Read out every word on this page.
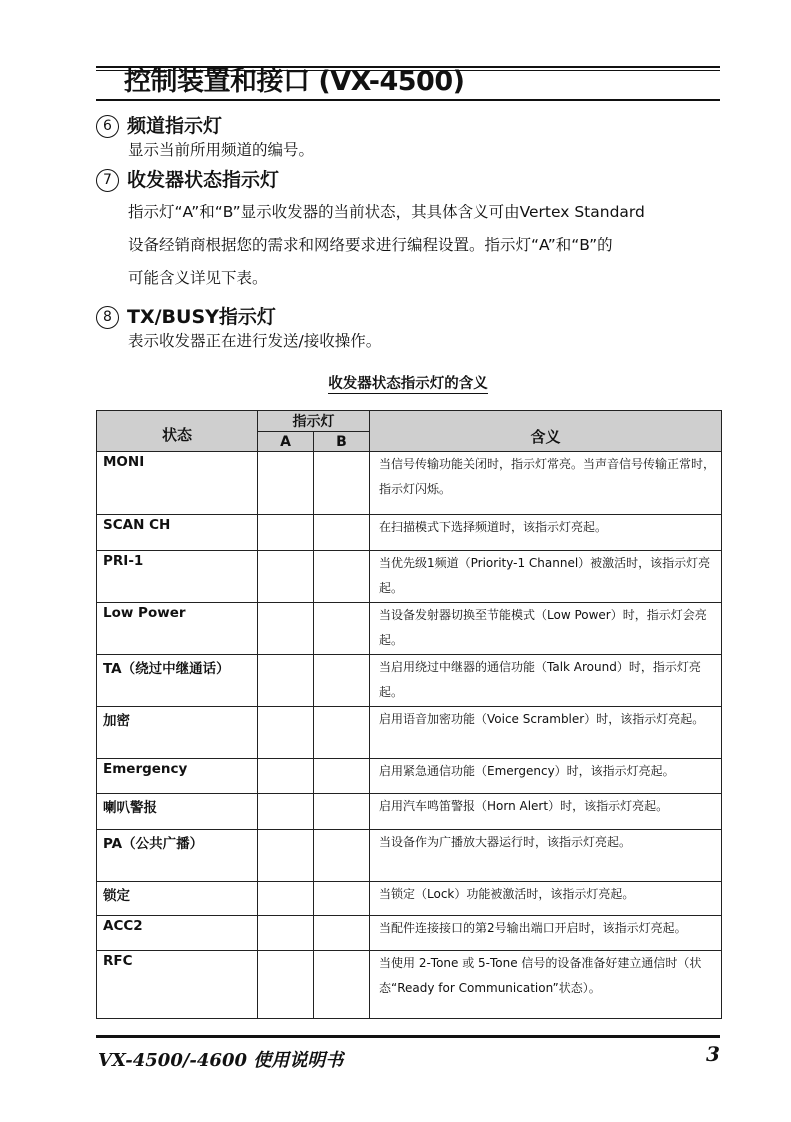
控制装置和接口 (VX-4500)
6 频道指示灯
显示当前所用频道的编号。
7 收发器状态指示灯
指示灯“A”和“B”显示收发器的当前状态，其具体含义可由Vertex Standard
设备经销商根据您的需求和网络要求进行编程设置。指示灯“A”和“B”的
可能含义详见下表。
8 TX/BUSY指示灯
表示收发器正在进行发送/接收操作。
收发器状态指示灯的含义
状态	指示灯		含义
	A	B	
MONI			当信号传输功能关闭时，指示灯常亮。当声音信号传输正常时，指示灯闪烁。
SCAN CH			在扫描模式下选择频道时，该指示灯亮起。
PRI-1			当优先级1频道（Priority-1 Channel）被激活时，该指示灯亮起。
Low Power			当设备发射器切换至节能模式（Low Power）时，指示灯会亮起。
TA（绕过中继通话）			当启用绕过中继器的通信功能（Talk Around）时，指示灯亮起。
加密			启用语音加密功能（Voice Scrambler）时，该指示灯亮起。
Emergency			启用紧急通信功能（Emergency）时，该指示灯亮起。
喇叭警报			启用汽车鸣笛警报（Horn Alert）时，该指示灯亮起。
PA（公共广播）			当设备作为广播放大器运行时，该指示灯亮起。
锁定			当锁定（Lock）功能被激活时，该指示灯亮起。
ACC2			当配件连接接口的第2号输出端口开启时，该指示灯亮起。
RFC			当使用 2-Tone 或 5-Tone 信号的设备准备好建立通信时（状态“Ready for Communication”状态）。
VX-4500/-4600 使用说明书	3
